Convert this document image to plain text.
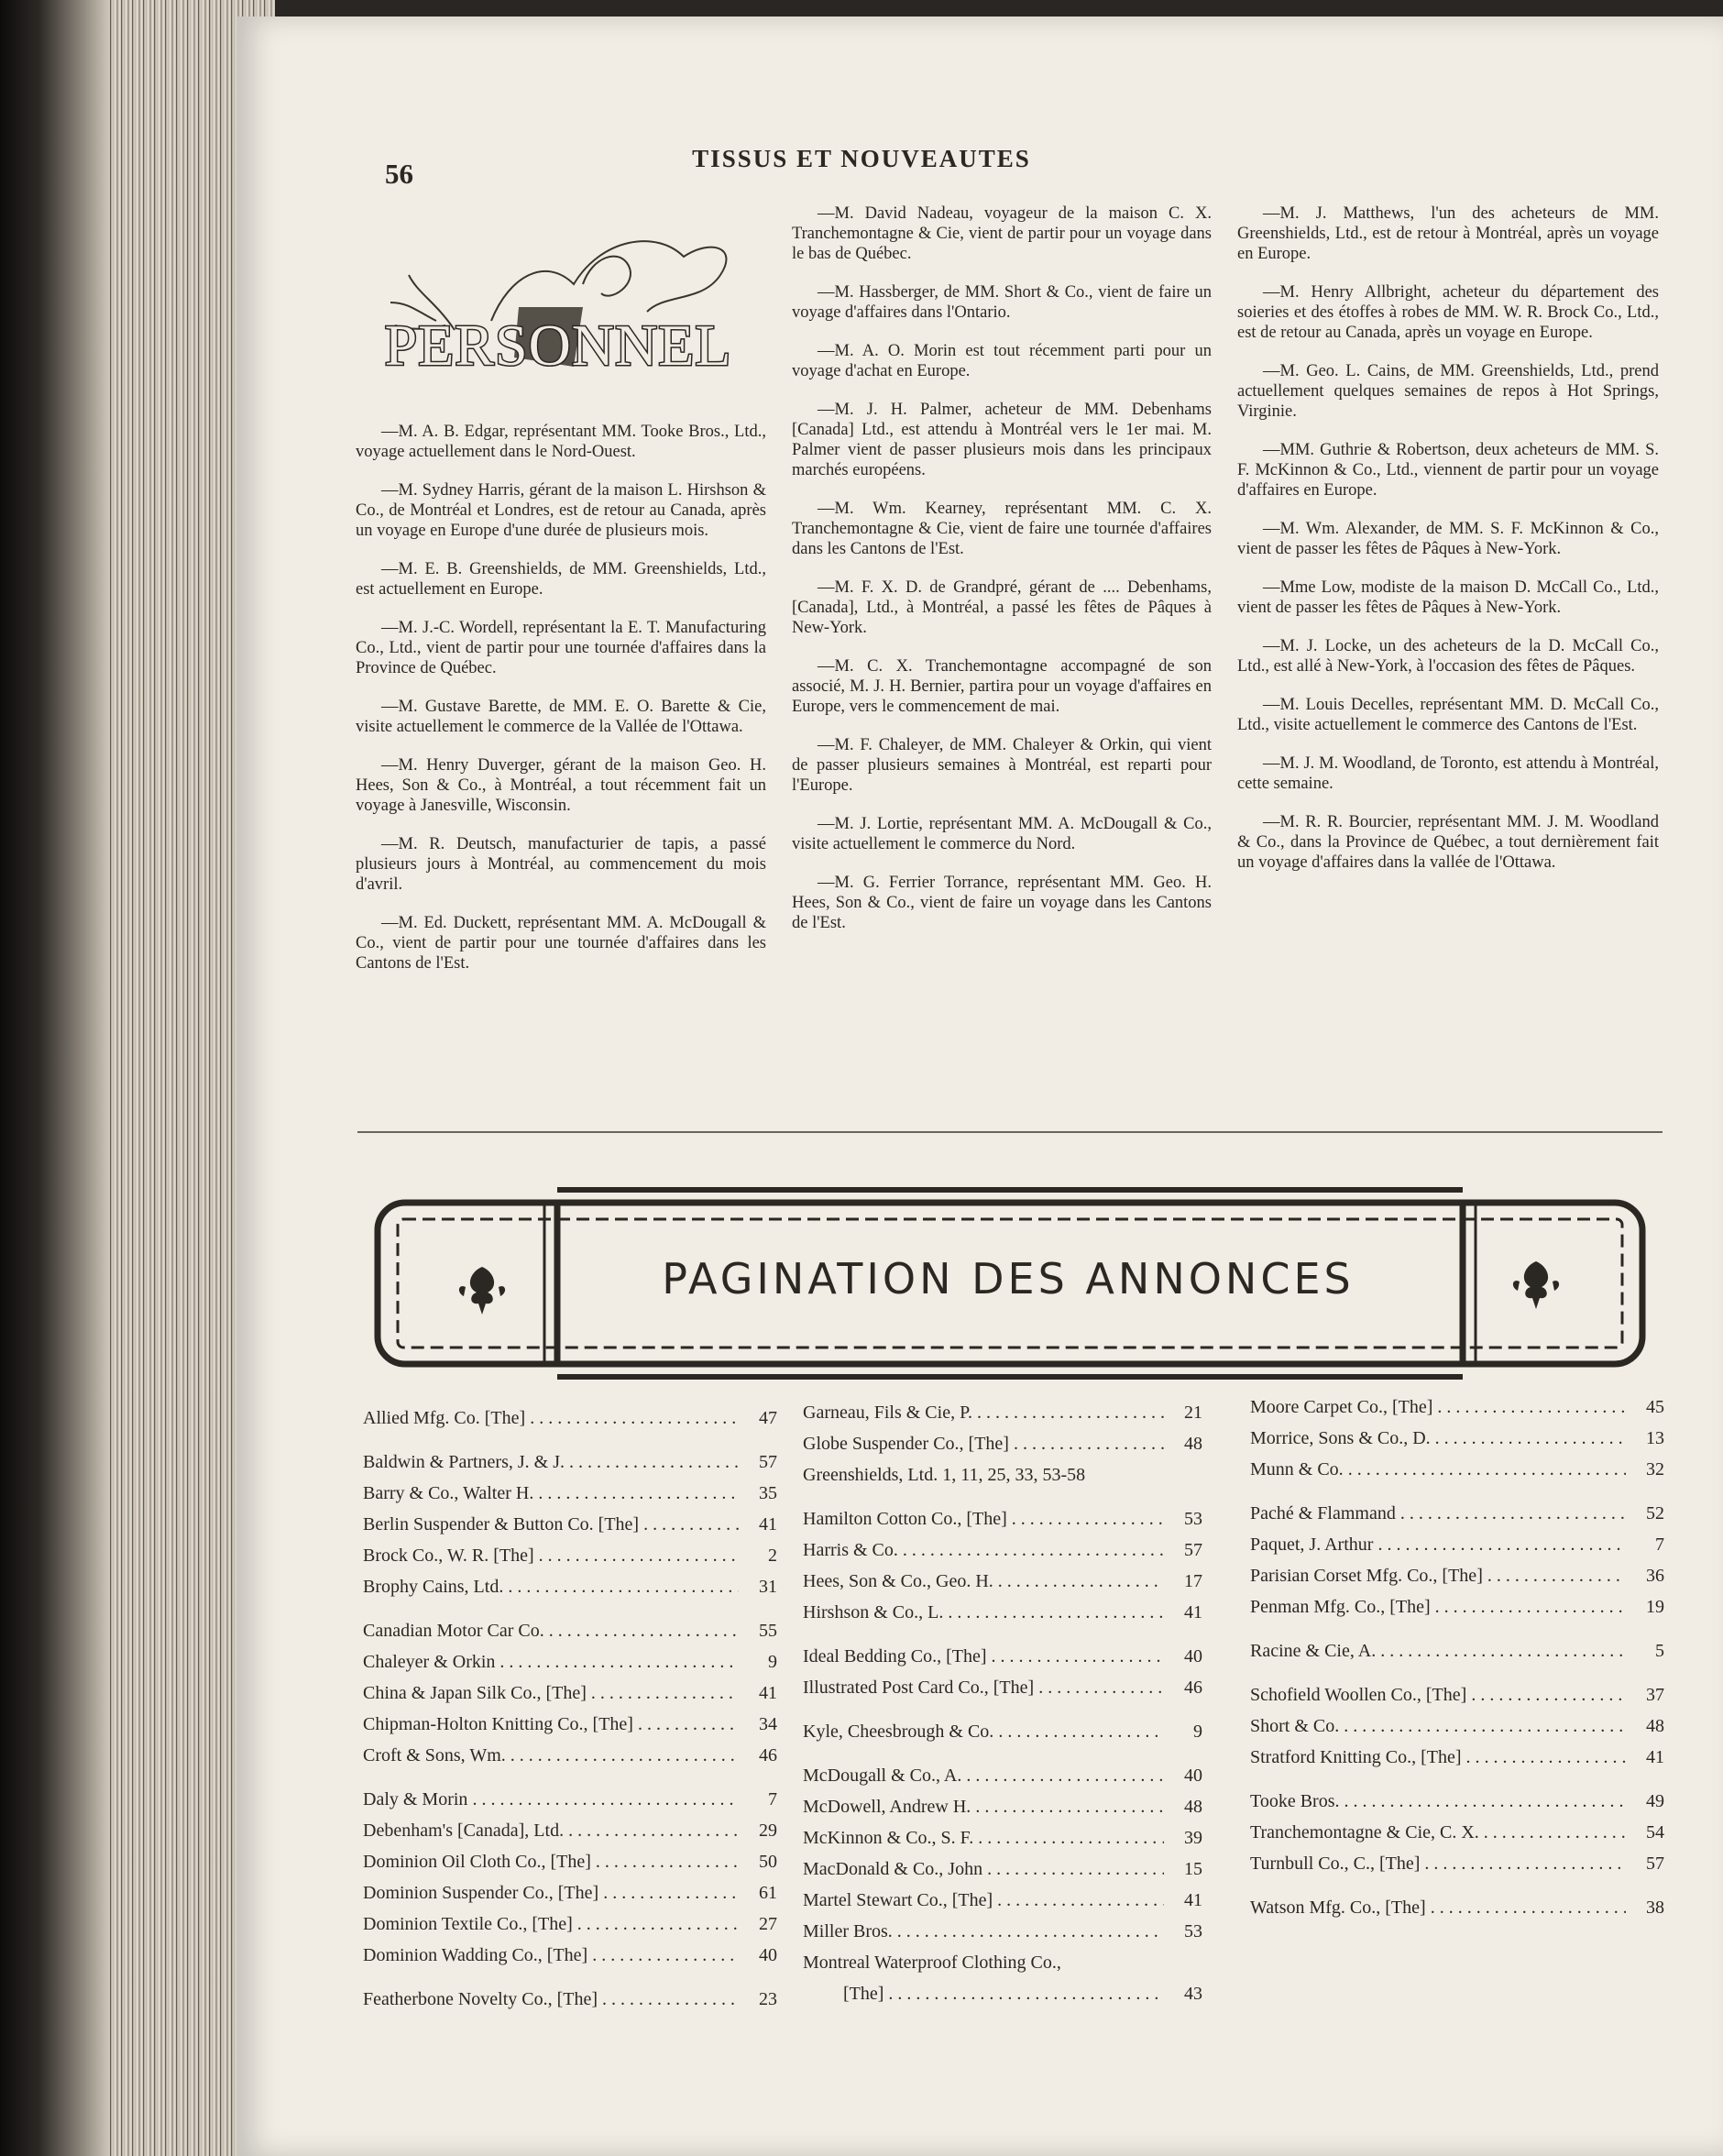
56	TISSUS ET NOUVEAUTES
PERSONNEL

—M. A. B. Edgar, représentant MM. Tooke Bros., Ltd., voyage actuellement dans le Nord-Ouest.

—M. Sydney Harris, gérant de la maison L. Hirshson & Co., de Montréal et Londres, est de retour au Canada, après un voyage en Europe d'une durée de plusieurs mois.

—M. E. B. Greenshields, de MM. Greenshields, Ltd., est actuellement en Europe.

—M. J.-C. Wordell, représentant la E. T. Manufacturing Co., Ltd., vient de partir pour une tournée d'affaires dans la Province de Québec.

—M. Gustave Barette, de MM. E. O. Barette & Cie, visite actuellement le commerce de la Vallée de l'Ottawa.

—M. Henry Duverger, gérant de la maison Geo. H. Hees, Son & Co., à Montréal, a tout récemment fait un voyage à Janesville, Wisconsin.

—M. R. Deutsch, manufacturier de tapis, a passé plusieurs jours à Montréal, au commencement du mois d'avril.

—M. Ed. Duckett, représentant MM. A. McDougall & Co., vient de partir pour une tournée d'affaires dans les Cantons de l'Est.

—M. David Nadeau, voyageur de la maison C. X. Tranchemontagne & Cie, vient de partir pour un voyage dans le bas de Québec.

—M. Hassberger, de MM. Short & Co., vient de faire un voyage d'affaires dans l'Ontario.

—M. A. O. Morin est tout récemment parti pour un voyage d'achat en Europe.

—M. J. H. Palmer, acheteur de MM. Debenhams [Canada] Ltd., est attendu à Montréal vers le 1er mai. M. Palmer vient de passer plusieurs mois dans les principaux marchés européens.

—M. Wm. Kearney, représentant MM. C. X. Tranchemontagne & Cie, vient de faire une tournée d'affaires dans les Cantons de l'Est.

—M. F. X. D. de Grandpré, gérant de .... Debenhams, [Canada], Ltd., à Montréal, a passé les fêtes de Pâques à New-York.

—M. C. X. Tranchemontagne accompagné de son associé, M. J. H. Bernier, partira pour un voyage d'affaires en Europe, vers le commencement de mai.

—M. F. Chaleyer, de MM. Chaleyer & Orkin, qui vient de passer plusieurs semaines à Montréal, est reparti pour l'Europe.

—M. J. Lortie, représentant MM. A. McDougall & Co., visite actuellement le commerce du Nord.

—M. G. Ferrier Torrance, représentant MM. Geo. H. Hees, Son & Co., vient de faire un voyage dans les Cantons de l'Est.

—M. J. Matthews, l'un des acheteurs de MM. Greenshields, Ltd., est de retour à Montréal, après un voyage en Europe.

—M. Henry Allbright, acheteur du département des soieries et des étoffes à robes de MM. W. R. Brock Co., Ltd., est de retour au Canada, après un voyage en Europe.

—M. Geo. L. Cains, de MM. Greenshields, Ltd., prend actuellement quelques semaines de repos à Hot Springs, Virginie.

—MM. Guthrie & Robertson, deux acheteurs de MM. S. F. McKinnon & Co., Ltd., viennent de partir pour un voyage d'affaires en Europe.

—M. Wm. Alexander, de MM. S. F. McKinnon & Co., vient de passer les fêtes de Pâques à New-York.

—Mme Low, modiste de la maison D. McCall Co., Ltd., vient de passer les fêtes de Pâques à New-York.

—M. J. Locke, un des acheteurs de la D. McCall Co., Ltd., est allé à New-York, à l'occasion des fêtes de Pâques.

—M. Louis Decelles, représentant MM. D. McCall Co., Ltd., visite actuellement le commerce des Cantons de l'Est.

—M. J. M. Woodland, de Toronto, est attendu à Montréal, cette semaine.

—M. R. R. Bourcier, représentant MM. J. M. Woodland & Co., dans la Province de Québec, a tout dernièrement fait un voyage d'affaires dans la vallée de l'Ottawa.

PAGINATION DES ANNONCES
Allied Mfg. Co. [The] . . .	47
Baldwin & Partners, J. & J. . . .	57
Barry & Co., Walter H. . . .	35
Berlin Suspender & Button Co. [The] . . .	41
Brock Co., W. R. [The] . . .	2
Brophy Cains, Ltd. . . .	31
Canadian Motor Car Co. . . .	55
Chaleyer & Orkin . . .	9
China & Japan Silk Co., [The] . . .	41
Chipman-Holton Knitting Co., [The] . . .	34
Croft & Sons, Wm. . . .	46
Daly & Morin . . .	7
Debenham's [Canada], Ltd. . . .	29
Dominion Oil Cloth Co., [The] . . .	50
Dominion Suspender Co., [The] . . .	61
Dominion Textile Co., [The] . . .	27
Dominion Wadding Co., [The] . . .	40
Featherbone Novelty Co., [The] . . .	23
Garneau, Fils & Cie, P. . . .	21
Globe Suspender Co., [The] . . .	48
Greenshields, Ltd. 1, 11, 25, 33, 53-58
Hamilton Cotton Co., [The] . . .	53
Harris & Co. . . .	57
Hees, Son & Co., Geo. H. . . .	17
Hirshson & Co., L. . . .	41
Ideal Bedding Co., [The] . . .	40
Illustrated Post Card Co., [The] . . .	46
Kyle, Cheesbrough & Co. . . .	9
McDougall & Co., A. . . .	40
McDowell, Andrew H. . . .	48
McKinnon & Co., S. F. . . .	39
MacDonald & Co., John . . .	15
Martel Stewart Co., [The] . . .	41
Miller Bros. . . .	53
Montreal Waterproof Clothing Co.,
[The] . . .	43
Moore Carpet Co., [The] . . .	45
Morrice, Sons & Co., D. . . .	13
Munn & Co. . . .	32
Paché & Flammand . . .	52
Paquet, J. Arthur . . .	7
Parisian Corset Mfg. Co., [The] . . .	36
Penman Mfg. Co., [The] . . .	19
Racine & Cie, A. . . .	5
Schofield Woollen Co., [The] . . .	37
Short & Co. . . .	48
Stratford Knitting Co., [The] . . .	41
Tooke Bros. . . .	49
Tranchemontagne & Cie, C. X. . . .	54
Turnbull Co., C., [The] . . .	57
Watson Mfg. Co., [The] . . .	38
